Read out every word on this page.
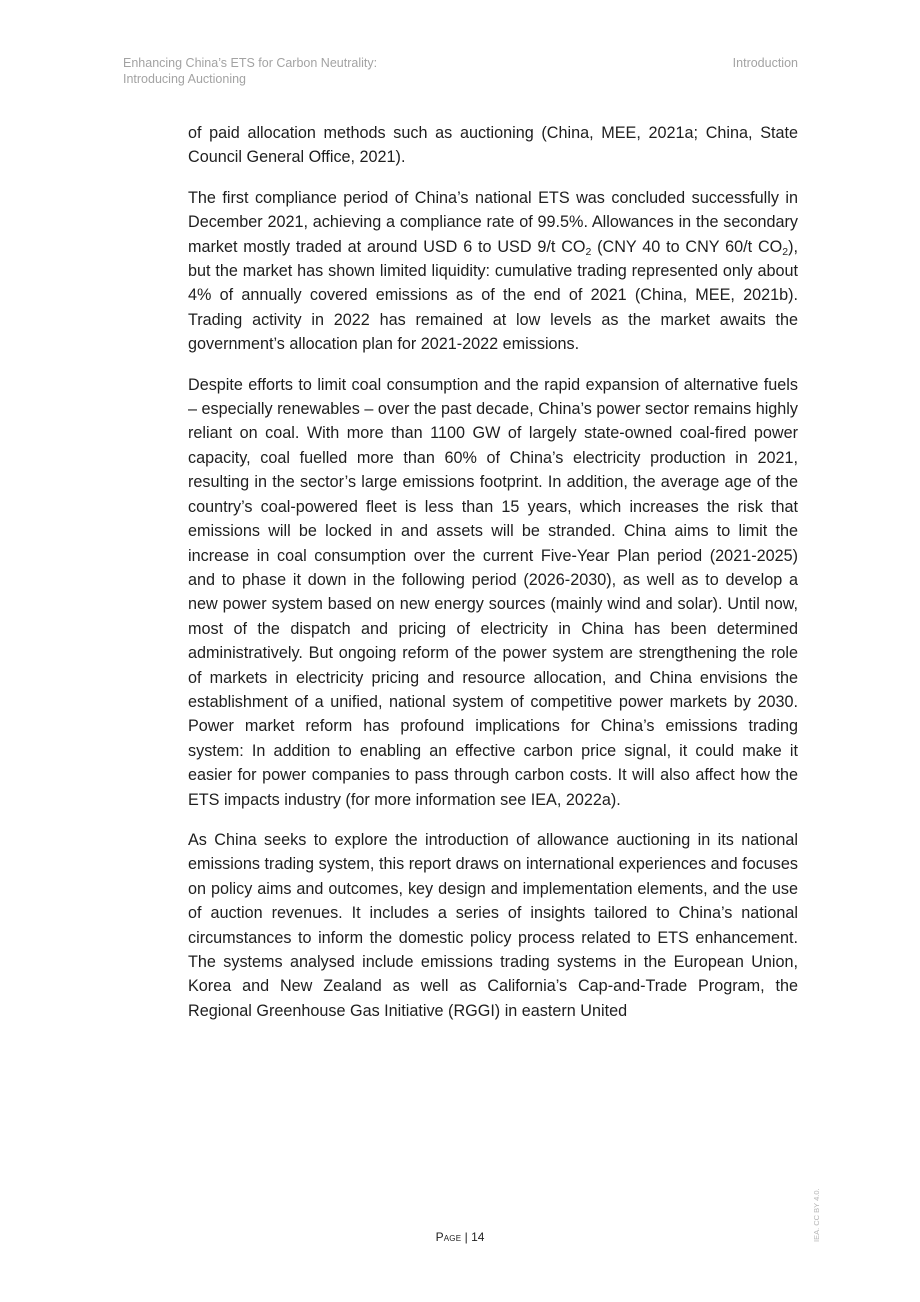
Enhancing China’s ETS for Carbon Neutrality:
Introducing Auctioning
Introduction

of paid allocation methods such as auctioning (China, MEE, 2021a; China, State Council General Office, 2021).

The first compliance period of China’s national ETS was concluded successfully in December 2021, achieving a compliance rate of 99.5%. Allowances in the secondary market mostly traded at around USD 6 to USD 9/t $CO_2$ (CNY 40 to CNY 60/t $CO_2$), but the market has shown limited liquidity: cumulative trading represented only about 4% of annually covered emissions as of the end of 2021 (China, MEE, 2021b). Trading activity in 2022 has remained at low levels as the market awaits the government’s allocation plan for 2021-2022 emissions.

Despite efforts to limit coal consumption and the rapid expansion of alternative fuels – especially renewables – over the past decade, China’s power sector remains highly reliant on coal. With more than 1100 GW of largely state-owned coal-fired power capacity, coal fuelled more than 60% of China’s electricity production in 2021, resulting in the sector’s large emissions footprint. In addition, the average age of the country’s coal-powered fleet is less than 15 years, which increases the risk that emissions will be locked in and assets will be stranded. China aims to limit the increase in coal consumption over the current Five-Year Plan period (2021-2025) and to phase it down in the following period (2026-2030), as well as to develop a new power system based on new energy sources (mainly wind and solar). Until now, most of the dispatch and pricing of electricity in China has been determined administratively. But ongoing reform of the power system are strengthening the role of markets in electricity pricing and resource allocation, and China envisions the establishment of a unified, national system of competitive power markets by 2030. Power market reform has profound implications for China’s emissions trading system: In addition to enabling an effective carbon price signal, it could make it easier for power companies to pass through carbon costs. It will also affect how the ETS impacts industry (for more information see IEA, 2022a).

As China seeks to explore the introduction of allowance auctioning in its national emissions trading system, this report draws on international experiences and focuses on policy aims and outcomes, key design and implementation elements, and the use of auction revenues. It includes a series of insights tailored to China’s national circumstances to inform the domestic policy process related to ETS enhancement. The systems analysed include emissions trading systems in the European Union, Korea and New Zealand as well as California’s Cap-and-Trade Program, the Regional Greenhouse Gas Initiative (RGGI) in eastern United

Page | 14	IEA. CC BY 4.0.
